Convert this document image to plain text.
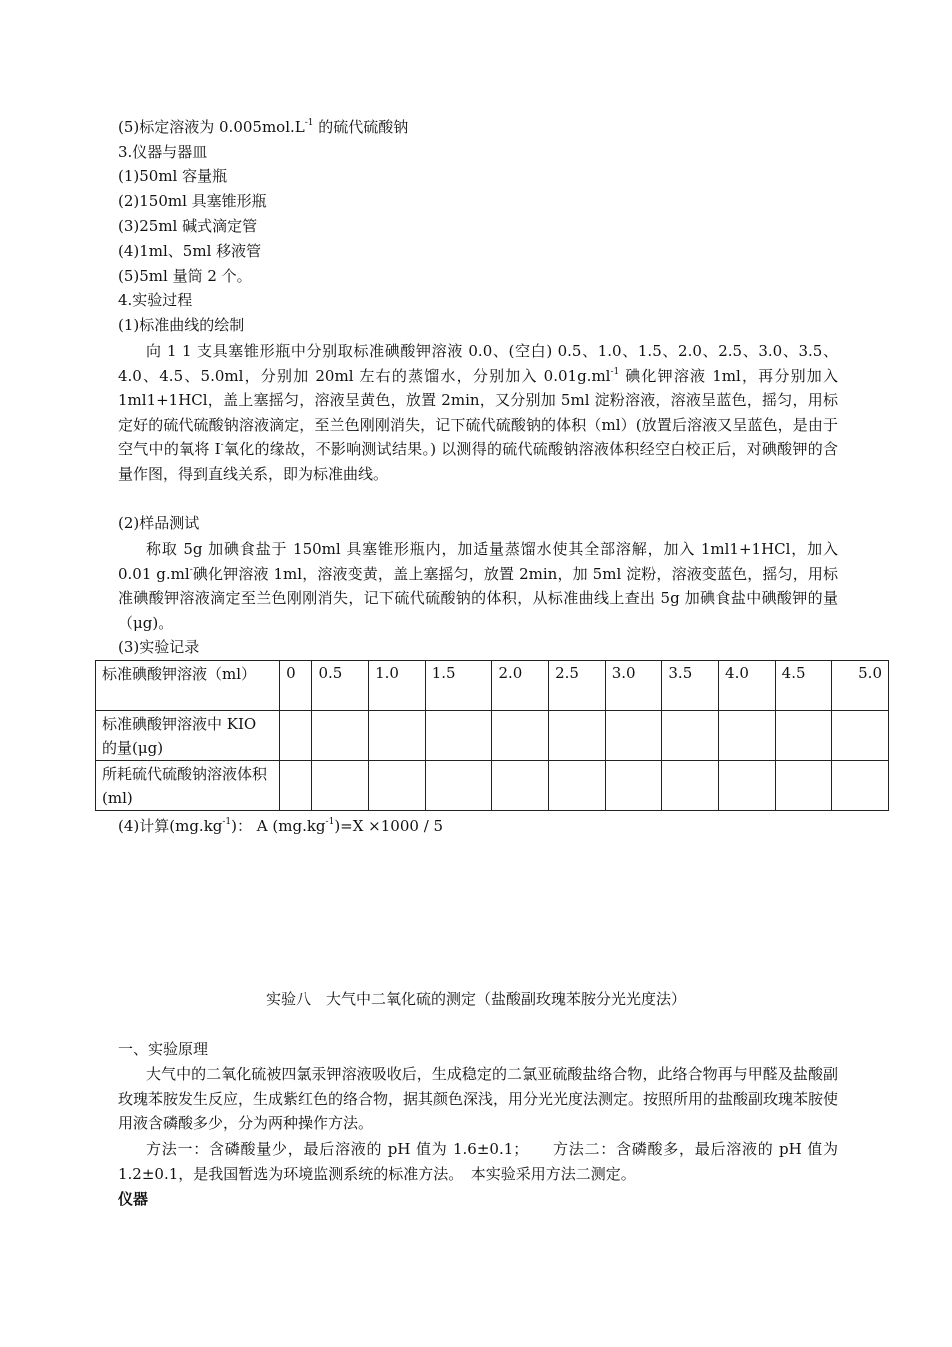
(5)标定溶液为 $0.005mol.L^{-1}$ 的硫代硫酸钠
3.仪器与器皿
(1)50ml 容量瓶
(2)150ml 具塞锥形瓶
(3)25ml 碱式滴定管
(4)1ml、5ml 移液管
(5)5ml 量筒 2 个。
4.实验过程
(1)标准曲线的绘制
向 1 1 支具塞锥形瓶中分别取标准碘酸钾溶液 0.0、(空白) 0.5、1.0、1.5、2.0、2.5、3.0、3.5、4.0、4.5、5.0ml，分别加 20ml 左右的蒸馏水，分别加入 $0.01g.ml^{-1}$ 碘化钾溶液 1ml，再分别加入 1ml1+1HCl，盖上塞摇匀，溶液呈黄色，放置 2min，又分别加 5ml 淀粉溶液，溶液呈蓝色，摇匀，用标定好的硫代硫酸钠溶液滴定，至兰色刚刚消失，记下硫代硫酸钠的体积（ml）(放置后溶液又呈蓝色，是由于空气中的氧将 I-氧化的缘故，不影响测试结果。) 以测得的硫代硫酸钠溶液体积经空白校正后，对碘酸钾的含量作图，得到直线关系，即为标准曲线。
(2)样品测试
称取 5g 加碘食盐于 150ml 具塞锥形瓶内，加适量蒸馏水使其全部溶解，加入 1ml1+1HCl，加入 0.01 g.ml-碘化钾溶液 1ml，溶液变黄，盖上塞摇匀，放置 2min，加 5ml 淀粉，溶液变蓝色，摇匀，用标准碘酸钾溶液滴定至兰色刚刚消失，记下硫代硫酸钠的体积，从标准曲线上查出 5g 加碘食盐中碘酸钾的量（μg)。
(3)实验记录
标准碘酸钾溶液（ml）	0	0.5	1.0	1.5	2.0	2.5	3.0	3.5	4.0	4.5	5.0
标准碘酸钾溶液中 KIO 的量(μg)											
所耗硫代硫酸钠溶液体积(ml)											
(4)计算$(mg.kg^{-1})$： A $(mg.kg^{-1})=X \times 1000 / 5$
实验八　大气中二氧化硫的测定（盐酸副玫瑰苯胺分光光度法）
一、实验原理
大气中的二氧化硫被四氯汞钾溶液吸收后，生成稳定的二氯亚硫酸盐络合物，此络合物再与甲醛及盐酸副玫瑰苯胺发生反应，生成紫红色的络合物，据其颜色深浅，用分光光度法测定。按照所用的盐酸副玫瑰苯胺使用液含磷酸多少，分为两种操作方法。
方法一：含磷酸量少，最后溶液的 pH 值为 1.6±0.1；　　方法二：含磷酸多，最后溶液的 pH 值为 1.2±0.1，是我国暂选为环境监测系统的标准方法。　本实验采用方法二测定。
仪器
